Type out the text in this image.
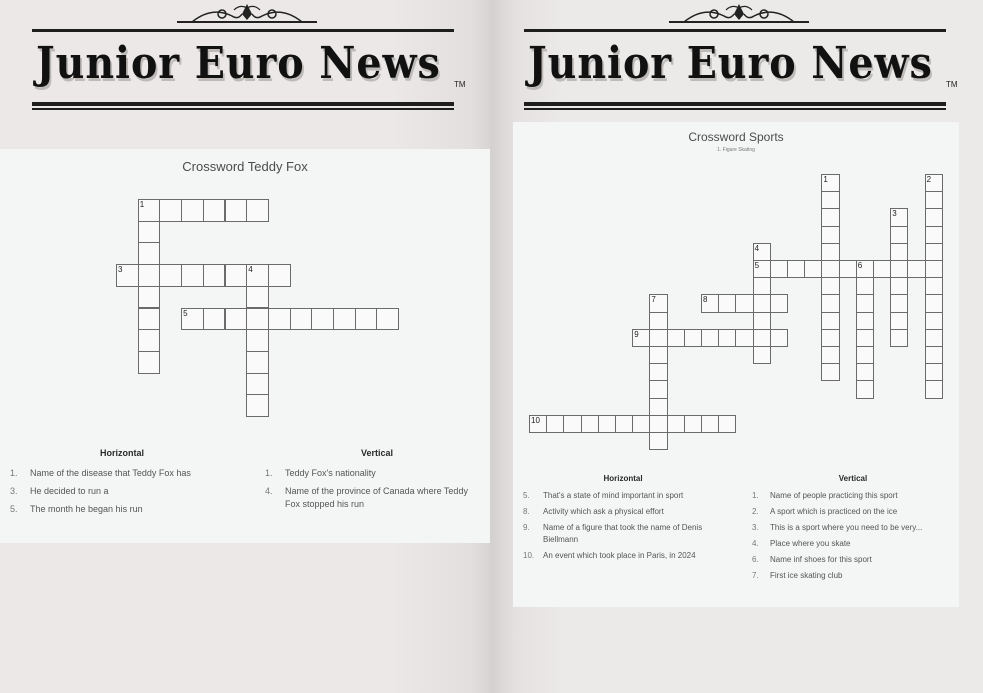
Junior Euro News TM
Crossword Teddy Fox
1
3	4
5
Horizontal	Vertical
1. Name of the disease that Teddy Fox has
3. He decided to run a
5. The month he began his run
1. Teddy Fox's nationality
4. Name of the province of Canada where Teddy Fox stopped his run
Junior Euro News TM
Crossword Sports
1. Figure Skating
1	2
3
4
5	6
7	8
9
10
Horizontal	Vertical
5. That's a state of mind important in sport
8. Activity which ask a physical effort
9. Name of a figure that took the name of Denis Biellmann
10. An event which took place in Paris, in 2024
1. Name of people practicing this sport
2. A sport which is practiced on the ice
3. This is a sport where you need to be very...
4. Place where you skate
6. Name inf shoes for this sport
7. First ice skating club
